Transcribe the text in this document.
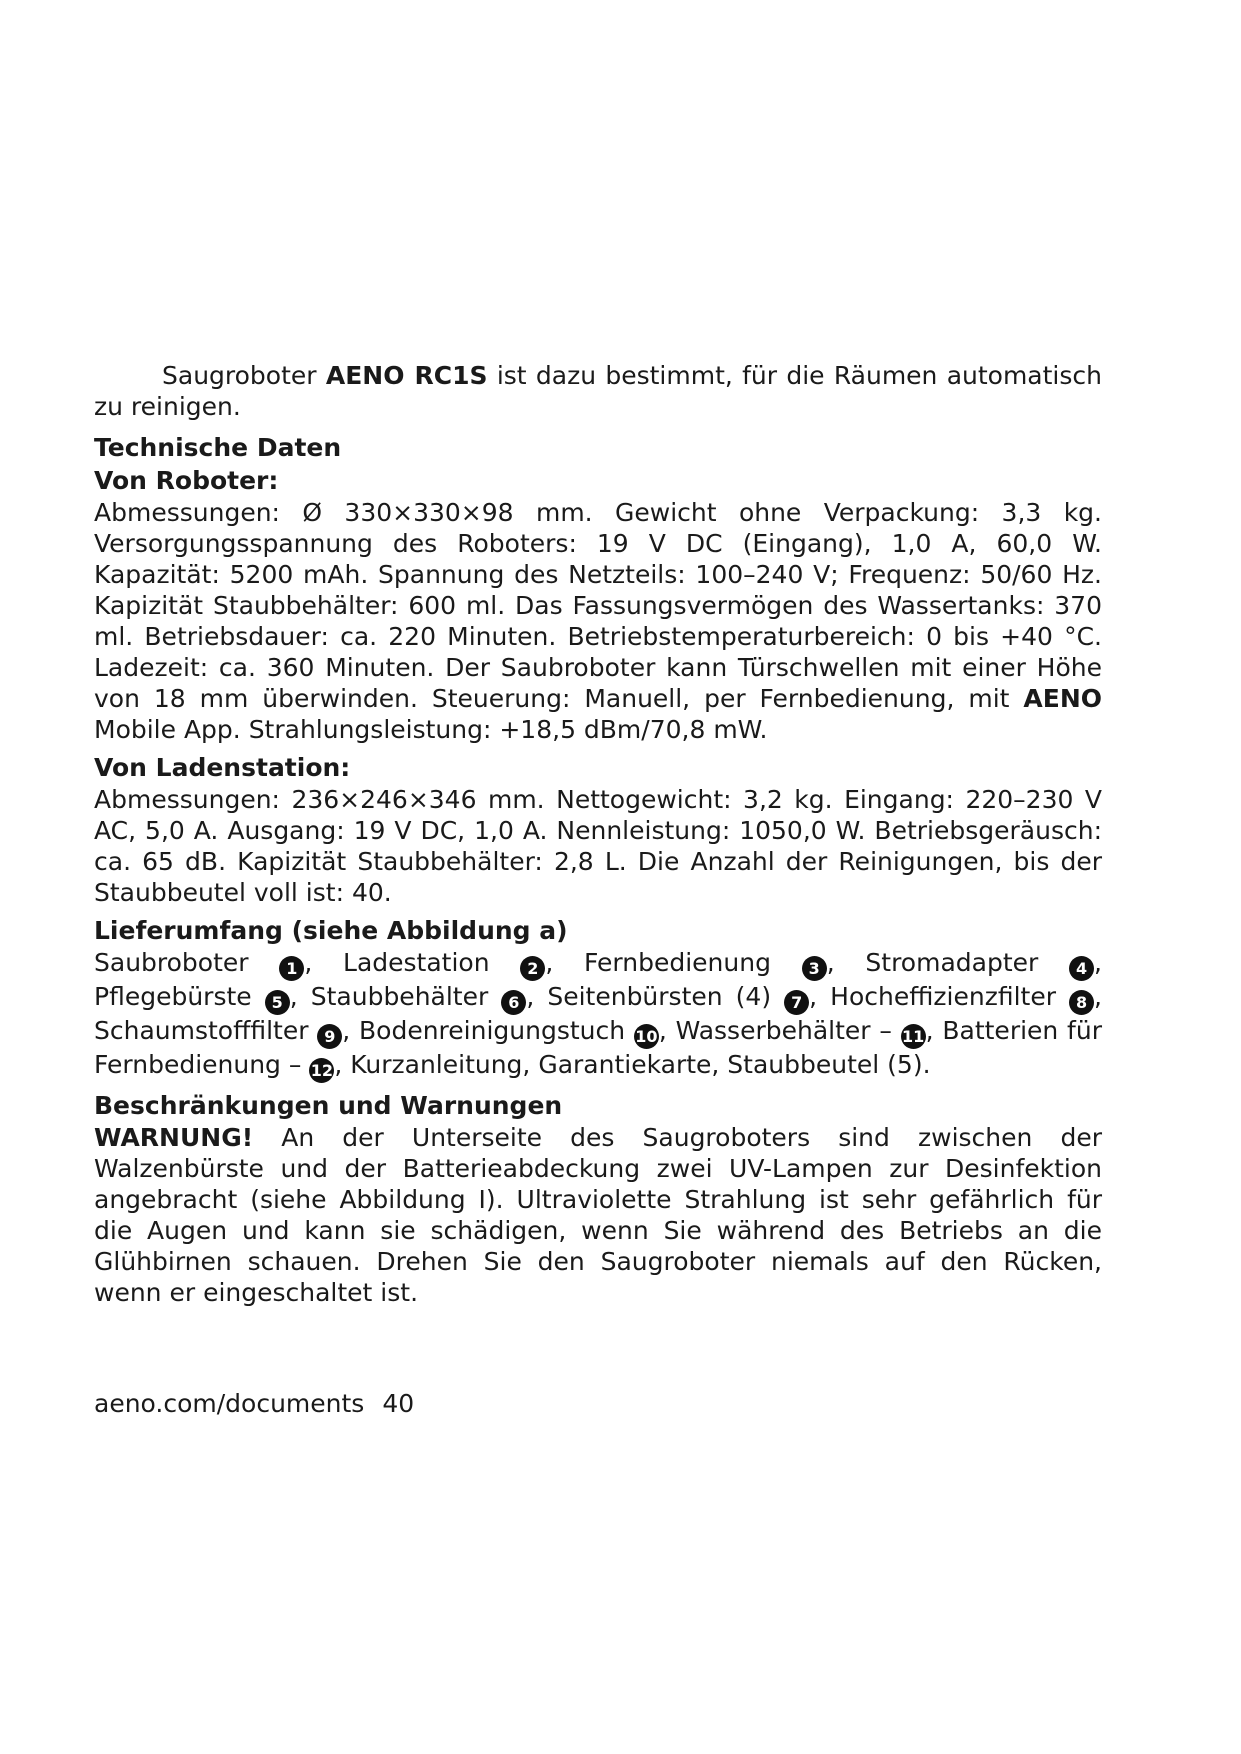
Saugroboter AENO RC1S ist dazu bestimmt, für die Räumen automatisch zu reinigen.

Technische Daten
Von Roboter:

Abmessungen: Ø 330×330×98 mm. Gewicht ohne Verpackung: 3,3 kg. Versorgungsspannung des Roboters: 19 V DC (Eingang), 1,0 A, 60,0 W. Kapazität: 5200 mAh. Spannung des Netzteils: 100–240 V; Frequenz: 50/60 Hz. Kapizität Staubbehälter: 600 ml. Das Fassungsvermögen des Wassertanks: 370 ml. Betriebsdauer: ca. 220 Minuten. Betriebstemperaturbereich: 0 bis +40 °C. Ladezeit: ca. 360 Minuten. Der Saubroboter kann Türschwellen mit einer Höhe von 18 mm überwinden. Steuerung: Manuell, per Fernbedienung, mit AENO Mobile App. Strahlungsleistung: +18,5 dBm/70,8 mW.

Von Ladenstation:

Abmessungen: 236×246×346 mm. Nettogewicht: 3,2 kg. Eingang: 220–230 V AC, 5,0 A. Ausgang: 19 V DC, 1,0 A. Nennleistung: 1050,0 W. Betriebsgeräusch: ca. 65 dB. Kapizität Staubbehälter: 2,8 L. Die Anzahl der Reinigungen, bis der Staubbeutel voll ist: 40.

Lieferumfang (siehe Abbildung a)

Saubroboter 1 , Ladestation 2 , Fernbedienung 3 , Stromadapter 4 , Pflegebürste 5 , Staubbehälter 6 , Seitenbürsten (4) 7 , Hocheffizienzfilter 8 , Schaumstofffilter 9 , Bodenreinigungstuch 10, Wasserbehälter – 11, Batterien für Fernbedienung – 12, Kurzanleitung, Garantiekarte, Staubbeutel (5).

Beschränkungen und Warnungen

WARNUNG! An der Unterseite des Saugroboters sind zwischen der Walzenbürste und der Batterieabdeckung zwei UV-Lampen zur Desinfektion angebracht (siehe Abbildung I). Ultraviolette Strahlung ist sehr gefährlich für die Augen und kann sie schädigen, wenn Sie während des Betriebs an die Glühbirnen schauen. Drehen Sie den Saugroboter niemals auf den Rücken, wenn er eingeschaltet ist.

aeno.com/documents 40
